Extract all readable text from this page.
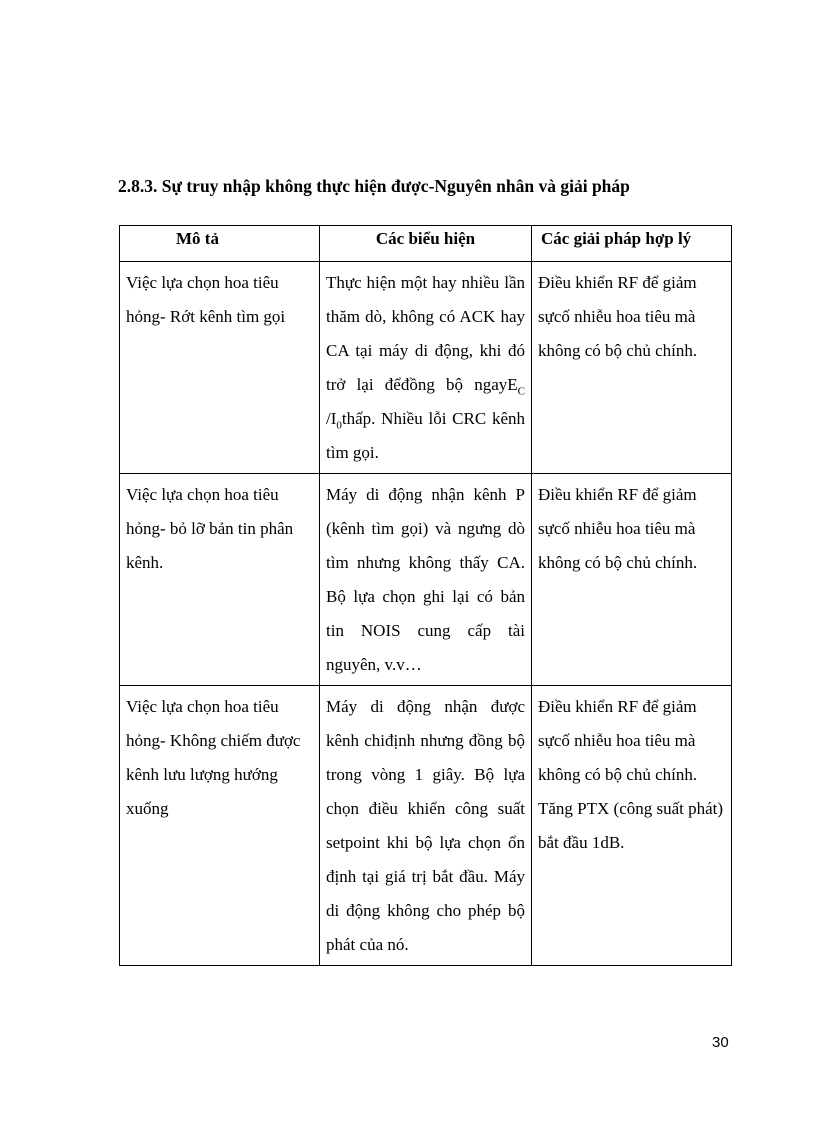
2.8.3. Sự truy nhập không thực hiện được-Nguyên nhân và giải pháp
Mô tả	Các biểu hiện	Các giải pháp hợp lý
Việc lựa chọn hoa tiêu hỏng- Rớt kênh tìm gọi	Thực hiện một hay nhiều lần thăm dò, không có ACK hay CA tại máy di động, khi đó trở lại đểđồng bộ ngayE$_C$ $/I_0thấp$. Nhiều lỗi CRC kênh tìm gọi.	Điều khiển RF để giảm sựcố nhiễu hoa tiêu mà không có bộ chủ chính.
Việc lựa chọn hoa tiêu hỏng- bỏ lỡ bản tin phân kênh.	Máy di động nhận kênh P (kênh tìm gọi) và ngưng dò tìm nhưng không thấy CA. Bộ lựa chọn ghi lại có bản tin NOIS cung cấp tài nguyên, v.v…	Điều khiển RF để giảm sựcố nhiễu hoa tiêu mà không có bộ chủ chính.
Việc lựa chọn hoa tiêu hỏng- Không chiếm được kênh lưu lượng hướng xuống	Máy di động nhận được kênh chiđịnh nhưng đồng bộ trong vòng 1 giây. Bộ lựa chọn điều khiển công suất setpoint khi bộ lựa chọn ổn định tại giá trị bắt đầu. Máy di động không cho phép bộ phát của nó.	Điều khiển RF để giảm sựcố nhiễu hoa tiêu mà không có bộ chủ chính. Tăng PTX (công suất phát) bắt đầu 1dB.
30
